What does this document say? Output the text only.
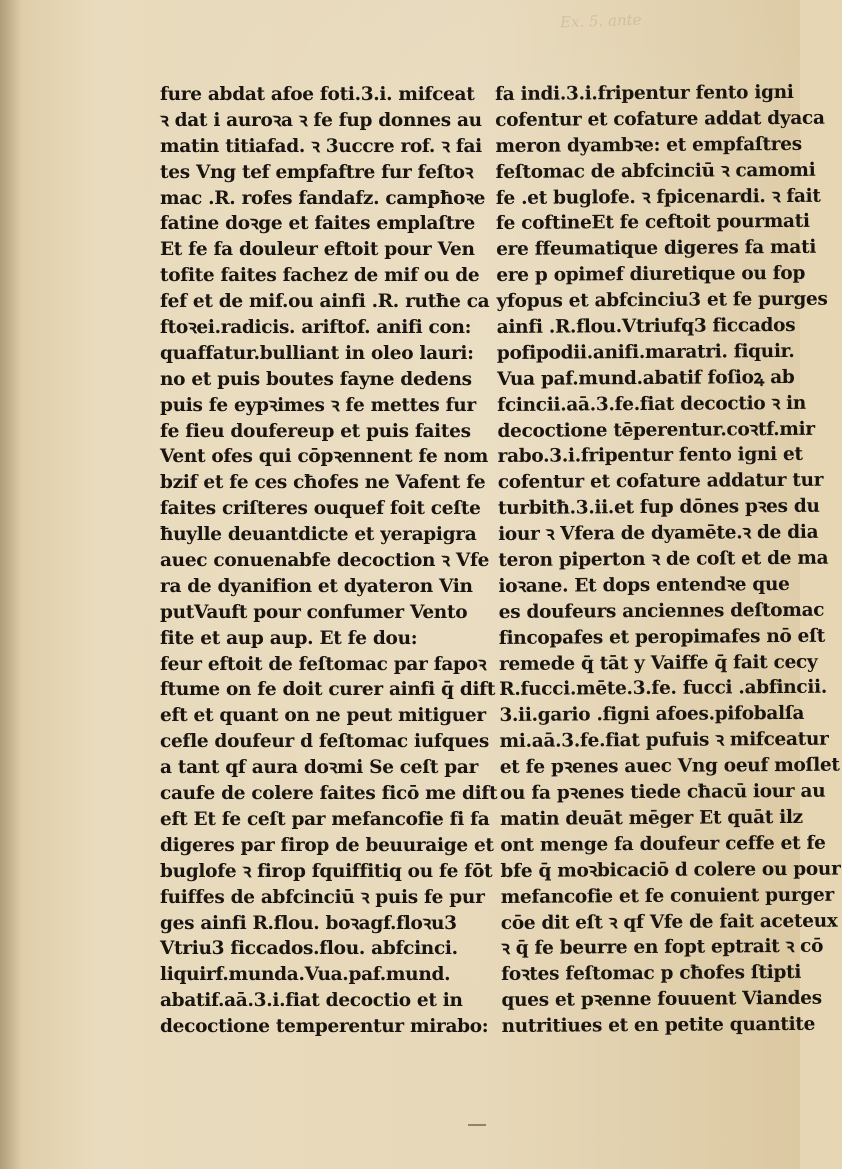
Ex. 5. ante
fure abdat afoe foti.3.i. mifceat
ꝛ dat i auroꝛa ꝛ fe fup donnes au
matin titiafad. ꝛ 3uccre rof. ꝛ fai
tes Vng tef empfaftre fur feſtoꝛ
mac .R. rofes fandafz. campħoꝛe
fatine doꝛge et faites emplaſtre
Et fe fa douleur eftoit pour Ven
tofite faites fachez de mif ou de
fef et de mif.ou ainfi .R. rutħe ca
ftoꝛei.radicis. ariftof. anifi con:
quaffatur.bulliant in oleo lauri:
no et puis boutes fayne dedens
puis fe eypꝛimes ꝛ fe mettes fur
fe fieu doufereup et puis faites
Vent ofes qui cōpꝛennent fe nom
bzif et fe ces cħofes ne Vafent fe
faites criſteres ouquef foit ceſte
ħuylle deuantdicte et yerapigra
auec conuenabfe decoction ꝛ Vfe
ra de dyanifion et dyateron Vin
putVauft pour confumer Vento
fite et aup aup. Et fe dou:
feur eftoit de feſtomac par fapoꝛ
ftume on fe doit curer ainfi q̄ dift
eft et quant on ne peut mitiguer
cefle doufeur d feſtomac iufques
a tant qf aura doꝛmi Se ceſt par
caufe de colere faites ficō me dift
eft Et fe ceſt par mefancofie fi fa
digeres par firop de beuuraige et
buglofe ꝛ firop fquiffitiq ou fe fōt
fuiffes de abfcinciū ꝛ puis fe pur
ges ainfi R.flou. boꝛagf.floꝛu3
Vtriu3 ficcados.flou. abfcinci.
liquirf.munda.Vua.paf.mund.
abatif.aā.3.i.fiat decoctio et in
decoctione temperentur mirabo:
fa indi.3.i.fripentur fento igni
cofentur et cofature addat dyaca
meron dyambꝛe: et empfaſtres
feſtomac de abfcinciū ꝛ camomi
fe .et buglofe. ꝛ fpicenardi. ꝛ fait
fe coftineEt fe ceftoit pourmati
ere ffeumatique digeres fa mati
ere p opimef diuretique ou fop
yfopus et abfcinciu3 et fe purges
ainfi .R.flou.Vtriufq3 ficcados
pofipodii.anifi.maratri. fiquir.
Vua paf.mund.abatif foſioꝝ ab
fcincii.aā.3.fe.fiat decoctio ꝛ in
decoctione tēperentur.coꝛtf.mir
rabo.3.i.fripentur fento igni et
cofentur et cofature addatur tur
turbitħ.3.ii.et fup dōnes pꝛes du
iour ꝛ Vfera de dyamēte.ꝛ de dia
teron piperton ꝛ de coſt et de ma
ioꝛane. Et dops entendꝛe que
es doufeurs anciennes deſtomac
fincopafes et peropimafes nō eſt
remede q̄ tāt y Vaiffe q̄ fait cecy
R.fucci.mēte.3.fe. fucci .abfincii.
3.ii.gario .figni afoes.pifobalſa
mi.aā.3.fe.fiat pufuis ꝛ mifceatur
et fe pꝛenes auec Vng oeuf moſlet
ou fa pꝛenes tiede cħacū iour au
matin deuāt mēger Et quāt ilz
ont menge fa doufeur ceffe et fe
bfe q̄ moꝛbicaciō d colere ou pour
mefancofie et fe conuient purger
cōe dit eſt ꝛ qf Vfe de fait aceteux
ꝛ q̄ fe beurre en fopt eptrait ꝛ cō
foꝛtes feſtomac p cħofes ſtipti
ques et pꝛenne fouuent Viandes
nutritiues et en petite quantite
